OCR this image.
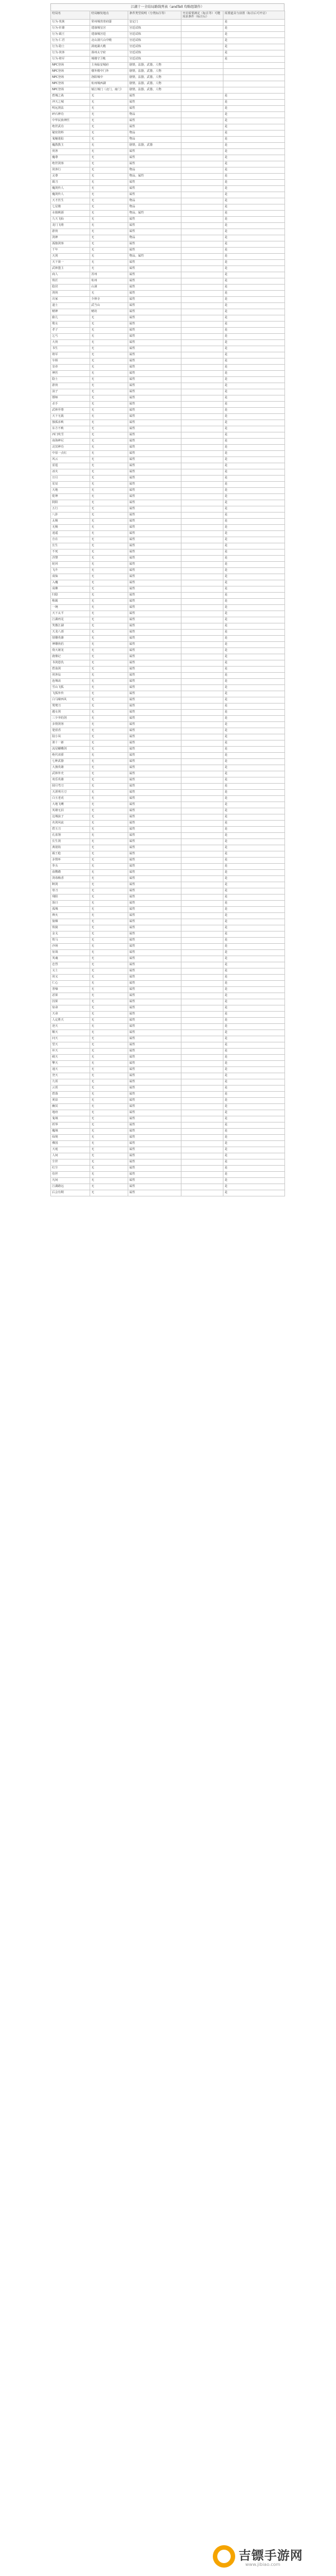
江湖十一全结局路线列表（andTell 攻略组制作）
结局名	结局触发地点	条件类型说明（分类标注等）	开启需要满足（标注等）可能需求条件（标注后）	需要道具与前置（标注后可开启）
行为·贵族	常州城贵胄府邸	安定门		是
行为·奸雄	建康城皇宫	宫廷试炼		是
行为·霸王	建康城宫廷	宫廷试炼		是
行为·仁君	北山洞穴山中殿	宫廷试炼		是
行为·隐士	洞庭湖大殿	宫廷试炼		是
行为·侠客	扬州太守府	宫廷试炼		是
行为·将军	城楼守卫帐	宫廷试炼		是
NPC登场	主角临安城府	剧情，法器，武器，人物		
NPC登场	楼外楼中门外	剧情，法器，武器，人物		
NPC登场	洛阳城中	剧情，法器，武器，人物		
NPC登场	杭州城西湖	剧情，法器，武器，人物		
NPC登场	镇江城门（北门，南门）	剧情，法器，武器，人物		
碧城之战	无	属性		是
冲天之城	无	属性		是
明远剑法	无	属性		是
碎石神功	无	物品		是
中华民族神医	无	属性		是
绝世武功	无	属性		是
秘密资料	无	物品		是
鬼魅迷踪	无	物品		是
魔教教主	无	剧情，法器，武器		是
侠客	无	属性		是
魔尊	无	属性		是
绝世剑客	无	属性		是
侠客行	无	物品		是
灵尊	无	物品，属性		是
霸刀	无	属性		是
魔剑传人	无	属性		是
魔剑传人	无	属性		是
天才医生	无	物品		是
七星楼	无	物品		是
水镇桃源	无	物品，属性		是
九天飞仙	无	属性		是
龙门飞将	无	属性		是
游侠	无	属性		是
剑神	无	物品		是
孤独剑客	无	属性		是
千年	无	属性		是
天剑	无	物品，属性		是
天下第一	无	属性		是
武林盟主	无	属性		是
商人	苏州	属性		是
铁匠	杭州	属性		是
隐居	山洞	属性		是
剑侠	无	属性		是
出家	少林寺	属性		是
道士	武当山	属性		是
赌神	赌坊	属性		是
偷儿	无	属性		是
歌女	无	属性		是
孝子	无	属性		是
乞丐	无	属性		是
大侠	无	属性		是
书生	无	属性		是
将军	无	属性		是
宰相	无	属性		是
皇帝	无	属性		是
神医	无	属性		是
隐士	无	属性		是
游侠	无	属性		是
浪子	无	属性		是
镖师	无	属性		是
杀手	无	属性		是
武林至尊	无	属性		是
天下无敌	无	属性		是
独孤求败	无	属性		是
东方不败	无	属性		是
西门吹雪	无	属性		是
南海神尼	无	属性		是
北冥神功	无	属性		是
中原一点红	无	属性		是
风云	无	属性		是
雷霆	无	属性		是
冰火	无	属性		是
日月	无	属性		是
星辰	无	属性		是
天地	无	属性		是
乾坤	无	属性		是
阴阳	无	属性		是
五行	无	属性		是
八卦	无	属性		是
太极	无	属性		是
无极	无	属性		是
逍遥	无	属性		是
自在	无	属性		是
长生	无	属性		是
不死	无	属性		是
涅槃	无	属性		是
轮回	无	属性		是
飞升	无	属性		是
成仙	无	属性		是
入魔	无	属性		是
成佛	无	属性		是
归隐	无	属性		是
称霸	无	属性		是
一统	无	属性		是
天下太平	无	属性		是
江湖再见	无	属性		是
笑傲江湖	无	属性		是
天龙八部	无	属性		是
射雕英雄	无	属性		是
神雕侠侣	无	属性		是
倚天屠龙	无	属性		是
鹿鼎记	无	属性		是
书剑恩仇	无	属性		是
碧血剑	无	属性		是
侠客岛	无	属性		是
连城诀	无	属性		是
雪山飞狐	无	属性		是
飞狐外传	无	属性		是
白马啸西风	无	属性		是
鸳鸯刀	无	属性		是
越女剑	无	属性		是
三少爷的剑	无	属性		是
多情剑客	无	属性		是
楚留香	无	属性		是
陆小凤	无	属性		是
萧十一郎	无	属性		是
流星蝴蝶剑	无	属性		是
绝代双骄	无	属性		是
七种武器	无	属性		是
大旗英雄	无	属性		是
武林外史	无	属性		是
欢乐英雄	无	属性		是
圆月弯刀	无	属性		是
天涯明月刀	无	属性		是
白玉老虎	无	属性		是
大地飞鹰	无	属性		是
英雄无泪	无	属性		是
边城浪子	无	属性		是
名剑风流	无	属性		是
碧玉刀	无	属性		是
孔雀翎	无	属性		是
长生剑	无	属性		是
离别钩	无	属性		是
霸王枪	无	属性		是
多情环	无	属性		是
拳头	无	属性		是
血鹦鹉	无	属性		是
剑毒梅香	无	属性		是
断剑	无	属性		是
寒刀	无	属性		是
残阳	无	属性		是
落日	无	属性		是
孤城	无	属性		是
烽火	无	属性		是
狼烟	无	属性		是
铁骑	无	属性		是
金戈	无	属性		是
铁马	无	属性		是
沙场	无	属性		是
征战	无	属性		是
英魂	无	属性		是
忠烈	无	属性		是
义士	无	属性		是
侠义	无	属性		是
仁心	无	属性		是
善缘	无	属性		是
恶果	无	属性		是
因果	无	属性		是
宿命	无	属性		是
天命	无	属性		是
人定胜天	无	属性		是
逆天	无	属性		是
顺天	无	属性		是
问天	无	属性		是
望天	无	属性		是
补天	无	属性		是
破天	无	属性		是
擎天	无	属性		是
通天	无	属性		是
登天	无	属性		是
九霄	无	属性		是
云霄	无	属性		是
碧落	无	属性		是
黄泉	无	属性		是
幽冥	无	属性		是
地府	无	属性		是
鬼域	无	属性		是
妖界	无	属性		是
魔域	无	属性		是
仙境	无	属性		是
佛国	无	属性		是
天庭	无	属性		是
人间	无	属性		是
尘世	无	属性		是
红尘	无	属性		是
俗世	无	属性		是
凡间	无	属性		是
江湖路远	无	属性		是
后会有期	无	属性		是
吉镖手游网
www.jibiao.com
